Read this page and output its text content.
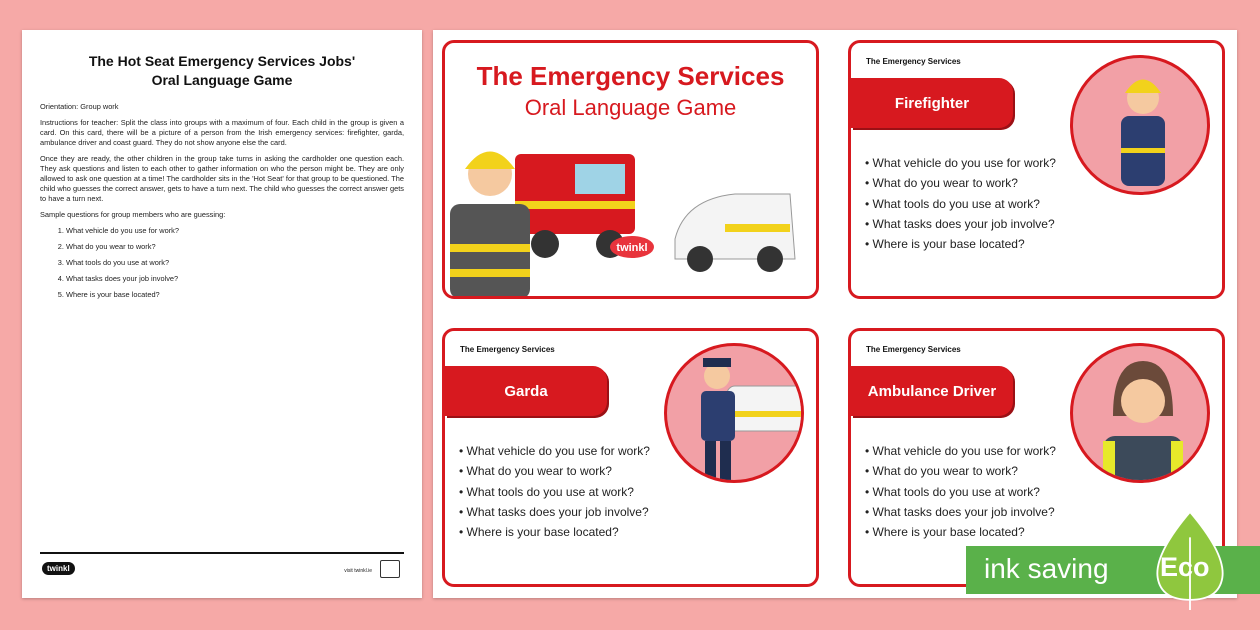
The Hot Seat Emergency Services Jobs'
Oral Language Game

Orientation: Group work

Instructions for teacher: Split the class into groups with a maximum of four. Each child in the group is given a card. On this card, there will be a picture of a person from the Irish emergency services: firefighter, garda, ambulance driver and coast guard. They do not show anyone else the card.

Once they are ready, the other children in the group take turns in asking the cardholder one question each. They ask questions and listen to each other to gather information on who the person might be. They are only allowed to ask one question at a time! The cardholder sits in the 'Hot Seat' for that group to be questioned. The child who guesses the correct answer, gets to have a turn next. The child who guesses the correct answer gets to have a turn next.

Sample questions for group members who are guessing:

1. What vehicle do you use for work?
2. What do you wear to work?
3. What tools do you use at work?
4. What tasks does your job involve?
5. Where is your base located?
twinkl	visit twinkl.ie
The Emergency Services
Oral Language Game
twinkl
The Emergency Services
Firefighter
• What vehicle do you use for work?
• What do you wear to work?
• What tools do you use at work?
• What tasks does your job involve?
• Where is your base located?
The Emergency Services
Garda
• What vehicle do you use for work?
• What do you wear to work?
• What tools do you use at work?
• What tasks does your job involve?
• Where is your base located?
The Emergency Services
Ambulance Driver
• What vehicle do you use for work?
• What do you wear to work?
• What tools do you use at work?
• What tasks does your job involve?
• Where is your base located?
ink saving	Eco
